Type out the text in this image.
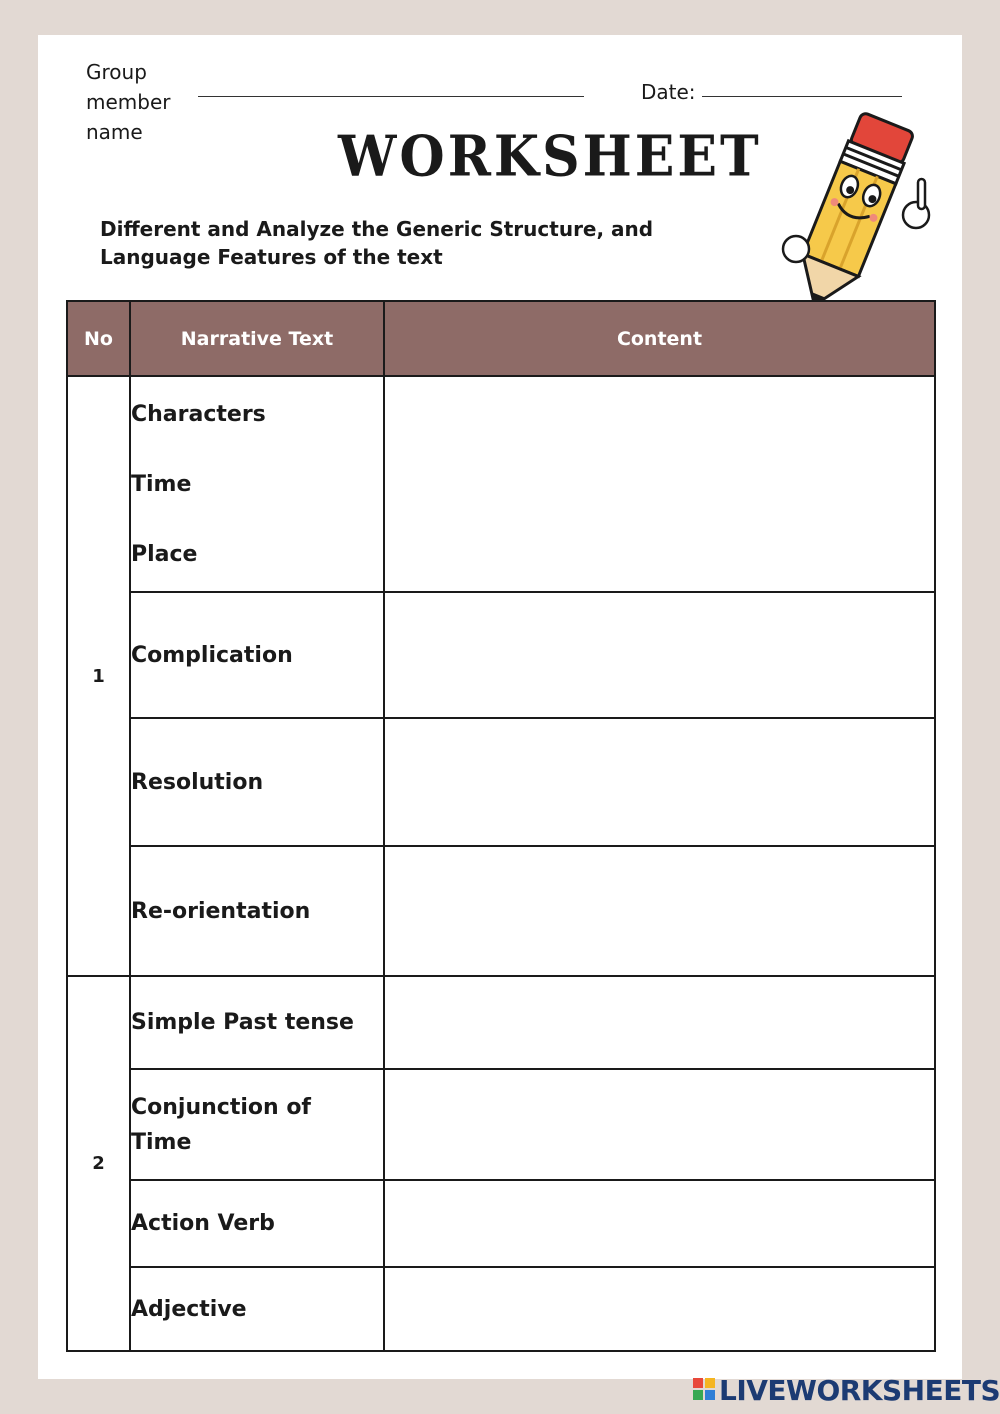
Group
member
name
Date:
WORKSHEET
Different and Analyze the Generic Structure, and
Language Features of the text
No	Narrative Text	Content
1	Characters
Time
Place	

	Complication	
	Resolution	
	Re-orientation	
2	Simple Past tense	
	Conjunction of
Time	
	Action Verb	
	Adjective	
LIVEWORKSHEETS
